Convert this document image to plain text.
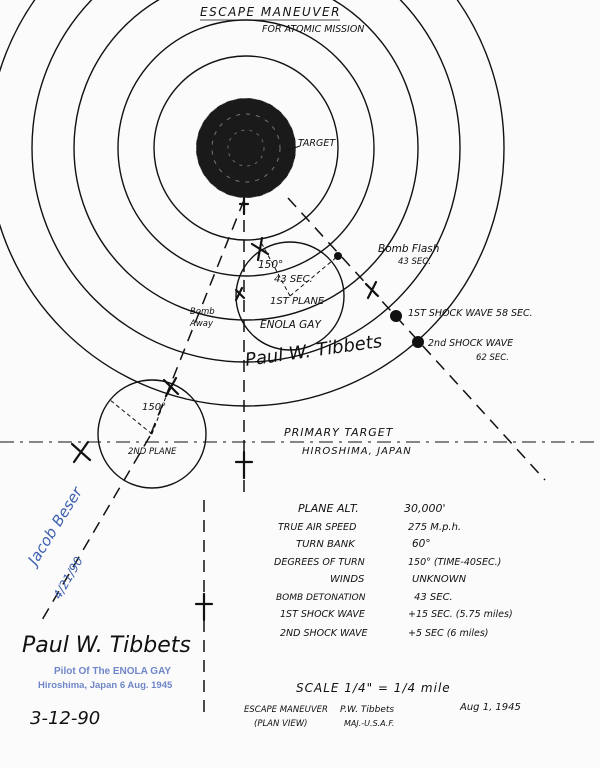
ESCAPE MANEUVER
FOR ATOMIC MISSION
TARGET
Bomb Flash
43 SEC.
1ST SHOCK WAVE 58 SEC.
2nd SHOCK WAVE
62 SEC.
Bomb
Away
150°
43 SEC.
1ST PLANE
ENOLA GAY
150°
2ND PLANE
PRIMARY TARGET
HIROSHIMA, JAPAN
Paul W. Tibbets
PLANE ALT.	30,000'
TRUE AIR SPEED	275 M.p.h.
TURN BANK	60°
DEGREES OF TURN	150° (TIME-40SEC.)
WINDS	UNKNOWN
BOMB DETONATION	43 SEC.
1ST SHOCK WAVE	+15 SEC. (5.75 miles)
2ND SHOCK WAVE	+5 SEC (6 miles)
SCALE 1/4" = 1/4 mile
ESCAPE MANEUVER
(PLAN VIEW)
P.W. Tibbets
MAJ.-U.S.A.F.
Aug 1, 1945
Jacob Beser
4/21/90
Paul W. Tibbets
Pilot Of The ENOLA GAY
Hiroshima, Japan 6 Aug. 1945
3-12-90
